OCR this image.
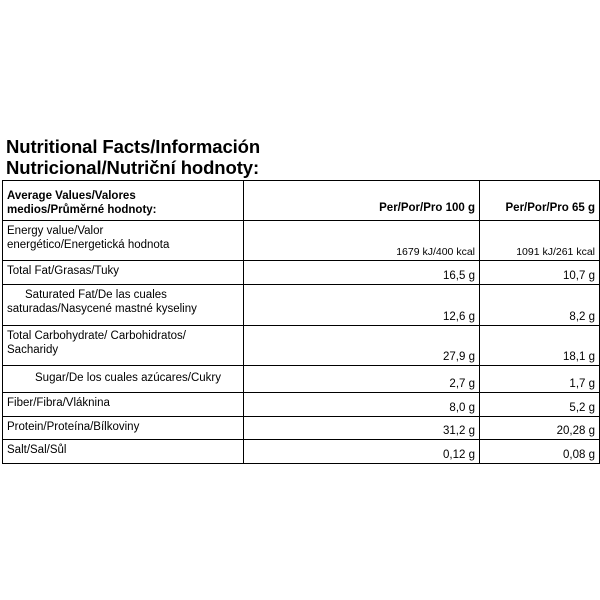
Nutritional Facts/Información
Nutricional/Nutriční hodnoty:
Average Values/Valores
medios/Průměrné hodnoty:	Per/Por/Pro 100 g	Per/Por/Pro 65 g

Energy value/Valor
energético/Energetická hodnota	1679 kJ/400 kcal	1091 kJ/261 kcal

Total Fat/Grasas/Tuky	16,5 g	10,7 g

Saturated Fat/De las cuales
saturadas/Nasycené mastné kyseliny	12,6 g	8,2 g

Total Carbohydrate/ Carbohidratos/
Sacharidy	27,9 g	18,1 g

Sugar/De los cuales azúcares/Cukry	2,7 g	1,7 g

Fiber/Fibra/Vláknina	8,0 g	5,2 g

Protein/Proteína/Bílkoviny	31,2 g	20,28 g

Salt/Sal/Sůl	0,12 g	0,08 g
